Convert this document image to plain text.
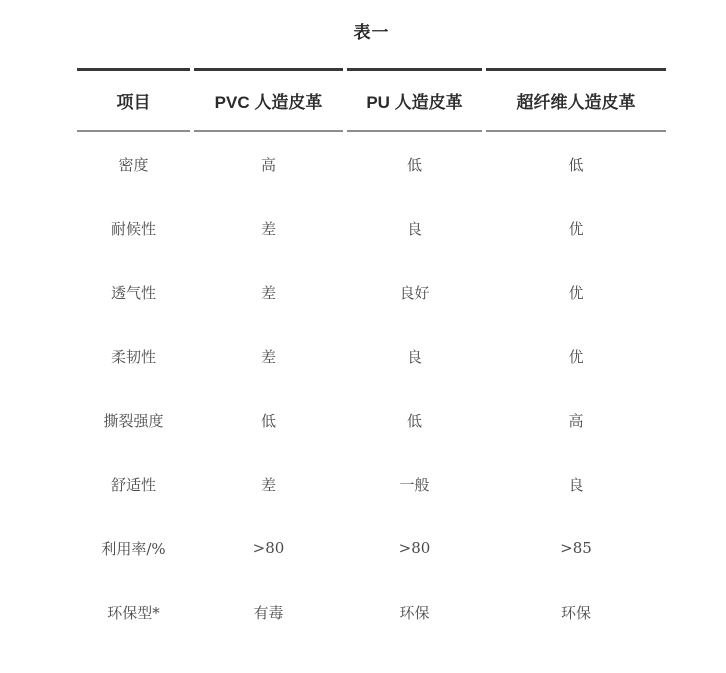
表一
项目	PVC 人造皮革	PU 人造皮革	超纤维人造皮革
密度	高	低	低
耐候性	差	良	优
透气性	差	良好	优
柔韧性	差	良	优
撕裂强度	低	低	高
舒适性	差	一般	良
利用率/%	>80	>80	>85
环保型*	有毒	环保	环保
